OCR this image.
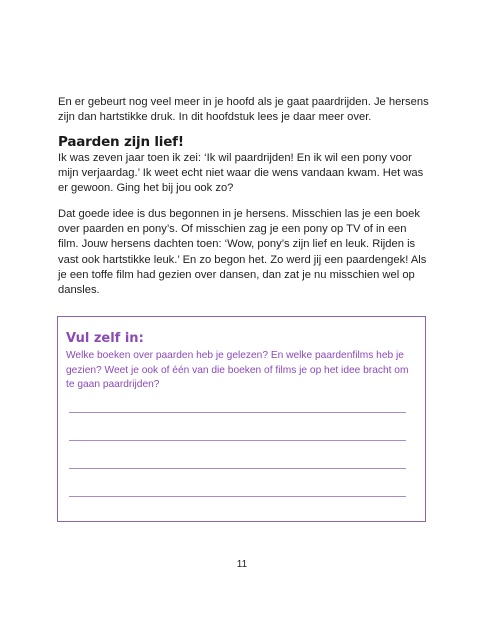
En er gebeurt nog veel meer in je hoofd als je gaat paardrijden. Je hersens zijn dan hartstikke druk. In dit hoofdstuk lees je daar meer over.

Paarden zijn lief!

Ik was zeven jaar toen ik zei: ‘Ik wil paardrijden! En ik wil een pony voor mijn verjaardag.’ Ik weet echt niet waar die wens vandaan kwam. Het was er gewoon. Ging het bij jou ook zo?

Dat goede idee is dus begonnen in je hersens. Misschien las je een boek over paarden en pony’s. Of misschien zag je een pony op TV of in een film. Jouw hersens dachten toen: ‘Wow, pony’s zijn lief en leuk. Rijden is vast ook hartstikke leuk.’ En zo begon het. Zo werd jij een paardengek! Als je een toffe film had gezien over dansen, dan zat je nu misschien wel op dansles.

Vul zelf in:

Welke boeken over paarden heb je gelezen? En welke paardenfilms heb je gezien? Weet je ook of één van die boeken of films je op het idee bracht om te gaan paardrijden?

11
